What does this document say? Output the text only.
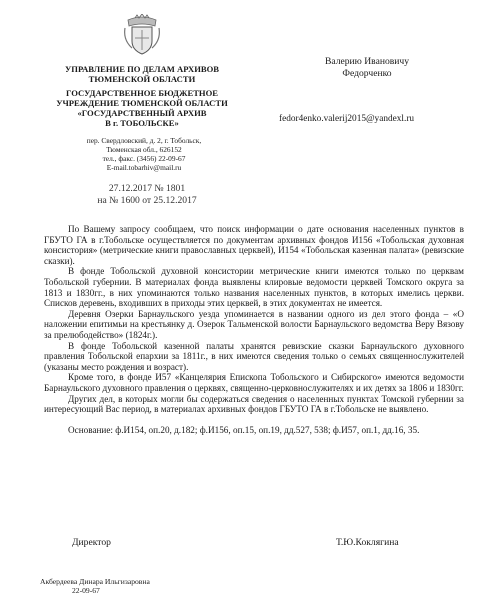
УПРАВЛЕНИЕ ПО ДЕЛАМ АРХИВОВ
ТЮМЕНСКОЙ ОБЛАСТИ
ГОСУДАРСТВЕННОЕ БЮДЖЕТНОЕ
УЧРЕЖДЕНИЕ ТЮМЕНСКОЙ ОБЛАСТИ
«ГОСУДАРСТВЕННЫЙ АРХИВ
В г. ТОБОЛЬСКЕ»
пер. Свердловский, д. 2, г. Тобольск,
Тюменская обл., 626152
тел., факс. (3456) 22-09-67
E-mail.tobarhiv@mail.ru
27.12.2017 № 1801
на № 1600 от 25.12.2017
Валерию Ивановичу
Федорченко
fedor4enko.valerij2015@yandexl.ru

По Вашему запросу сообщаем, что поиск информации о дате основания населенных пунктов в ГБУТО ГА в г.Тобольске осуществляется по документам архивных фондов И156 «Тобольская духовная консистория» (метрические книги православных церквей), И154 «Тобольская казенная палата» (ревизские сказки).

В фонде Тобольской духовной консистории метрические книги имеются только по церквам Тобольской губернии. В материалах фонда выявлены клировые ведомости церквей Томского округа за 1813 и 1830гг., в них упоминаются только названия населенных пунктов, в которых имелись церкви. Списков деревень, входивших в приходы этих церквей, в этих документах не имеется.

Деревня Озерки Барнаульского уезда упоминается в названии одного из дел этого фонда – «О наложении епитимьи на крестьянку д. Озерок Тальменской волости Барнаульского ведомства Веру Вязову за прелюбодейство» (1824г.).

В фонде Тобольской казенной палаты хранятся ревизские сказки Барнаульского духовного правления Тобольской епархии за 1811г., в них имеются сведения только о семьях священнослужителей (указаны место рождения и возраст).

Кроме того, в фонде И57 «Канцелярия Епископа Тобольского и Сибирского» имеются ведомости Барнаульского духовного правления о церквях, священно-церковнослужителях и их детях за 1806 и 1830гг.

Других дел, в которых могли бы содержаться сведения о населенных пунктах Томской губернии за интересующий Вас период, в материалах архивных фондов ГБУТО ГА в г.Тобольске не выявлено.

Основание: ф.И154, оп.20, д.182; ф.И156, оп.15, оп.19, дд.527, 538; ф.И57, оп.1, дд.16, 35.

Директор	Т.Ю.Коклягина
Акбердеева Динара Ильгизаровна
22-09-67
